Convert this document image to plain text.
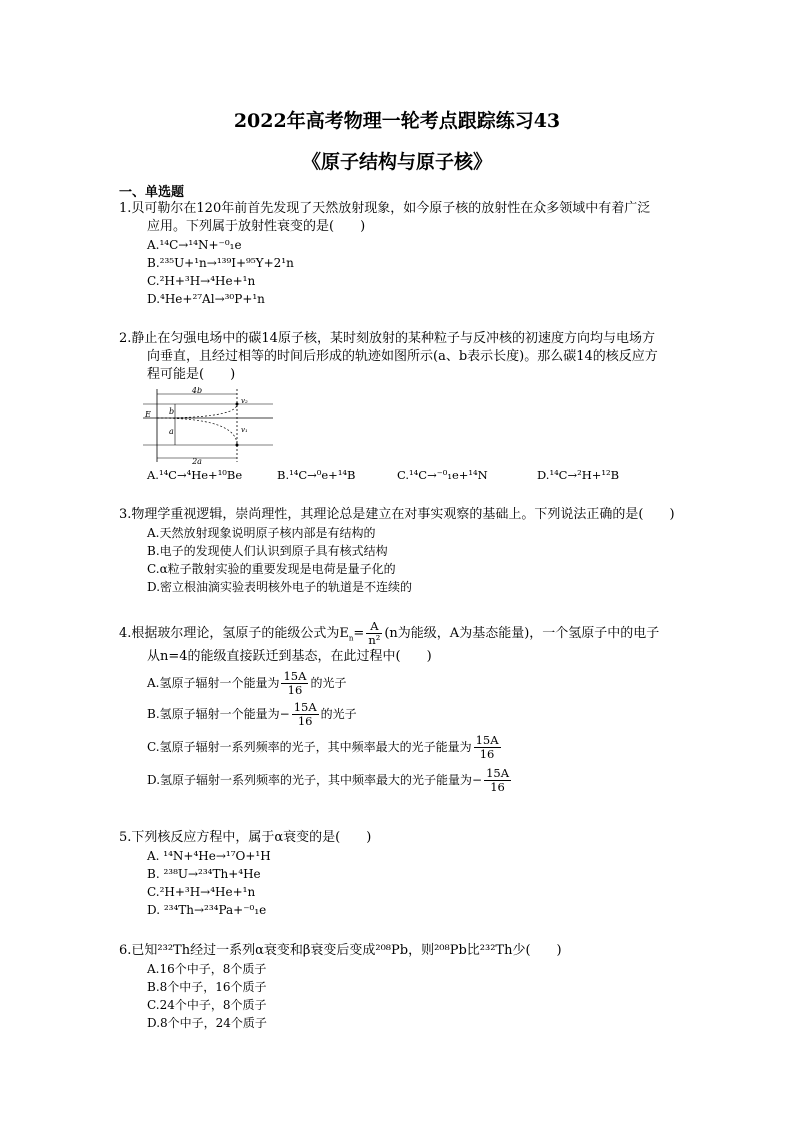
2022年高考物理一轮考点跟踪练习43
《原子结构与原子核》
一、单选题
1.贝可勒尔在120年前首先发现了天然放射现象，如今原子核的放射性在众多领域中有着广泛
应用。下列属于放射性衰变的是(　　)
A.¹⁴C→¹⁴N+⁻⁰₁e
B.²³⁵U+¹n→¹³⁹I+⁹⁵Y+2¹n
C.²H+³H→⁴He+¹n
D.⁴He+²⁷Al→³⁰P+¹n
2.静止在匀强电场中的碳14原子核，某时刻放射的某种粒子与反冲核的初速度方向均与电场方
向垂直，且经过相等的时间后形成的轨迹如图所示(a、b表示长度)。那么碳14的核反应方
程可能是(　　)
4b
2a
E b
a
v₂
v₁
A.¹⁴C→⁴He+¹⁰Be	B.¹⁴C→⁰e+¹⁴B	C.¹⁴C→⁻⁰₁e+¹⁴N	D.¹⁴C→²H+¹²B
3.物理学重视逻辑，崇尚理性，其理论总是建立在对事实观察的基础上。下列说法正确的是(　　)
A.天然放射现象说明原子核内部是有结构的
B.电子的发现使人们认识到原子具有核式结构
C.α粒子散射实验的重要发现是电荷是量子化的
D.密立根油滴实验表明核外电子的轨道是不连续的
4.根据玻尔理论，氢原子的能级公式为$E_n= \frac{A}{\text{n²}} (n$为能级，A为基态能量)，一个氢原子中的电子
从n=4的能级直接跃迁到基态，在此过程中(　　)
A.氢原子辐射一个能量为 $\frac{15A}{16}$ 的光子
B.氢原子辐射一个能量为− $\frac{15A}{16}$ 的光子
C.氢原子辐射一系列频率的光子，其中频率最大的光子能量为 $\frac{15A}{16}$
D.氢原子辐射一系列频率的光子，其中频率最大的光子能量为− $\frac{15A}{16}$
5.下列核反应方程中，属于α衰变的是(　　)
A. ¹⁴N+⁴He→¹⁷O+¹H
B. ²³⁸U→²³⁴Th+⁴He
C.²H+³H→⁴He+¹n
D. ²³⁴Th→²³⁴Pa+⁻⁰₁e
6.已知²³²Th经过一系列α衰变和β衰变后变成²⁰⁸Pb，则²⁰⁸Pb比²³²Th少(　　)
A.16个中子，8个质子
B.8个中子，16个质子
C.24个中子，8个质子
D.8个中子，24个质子
